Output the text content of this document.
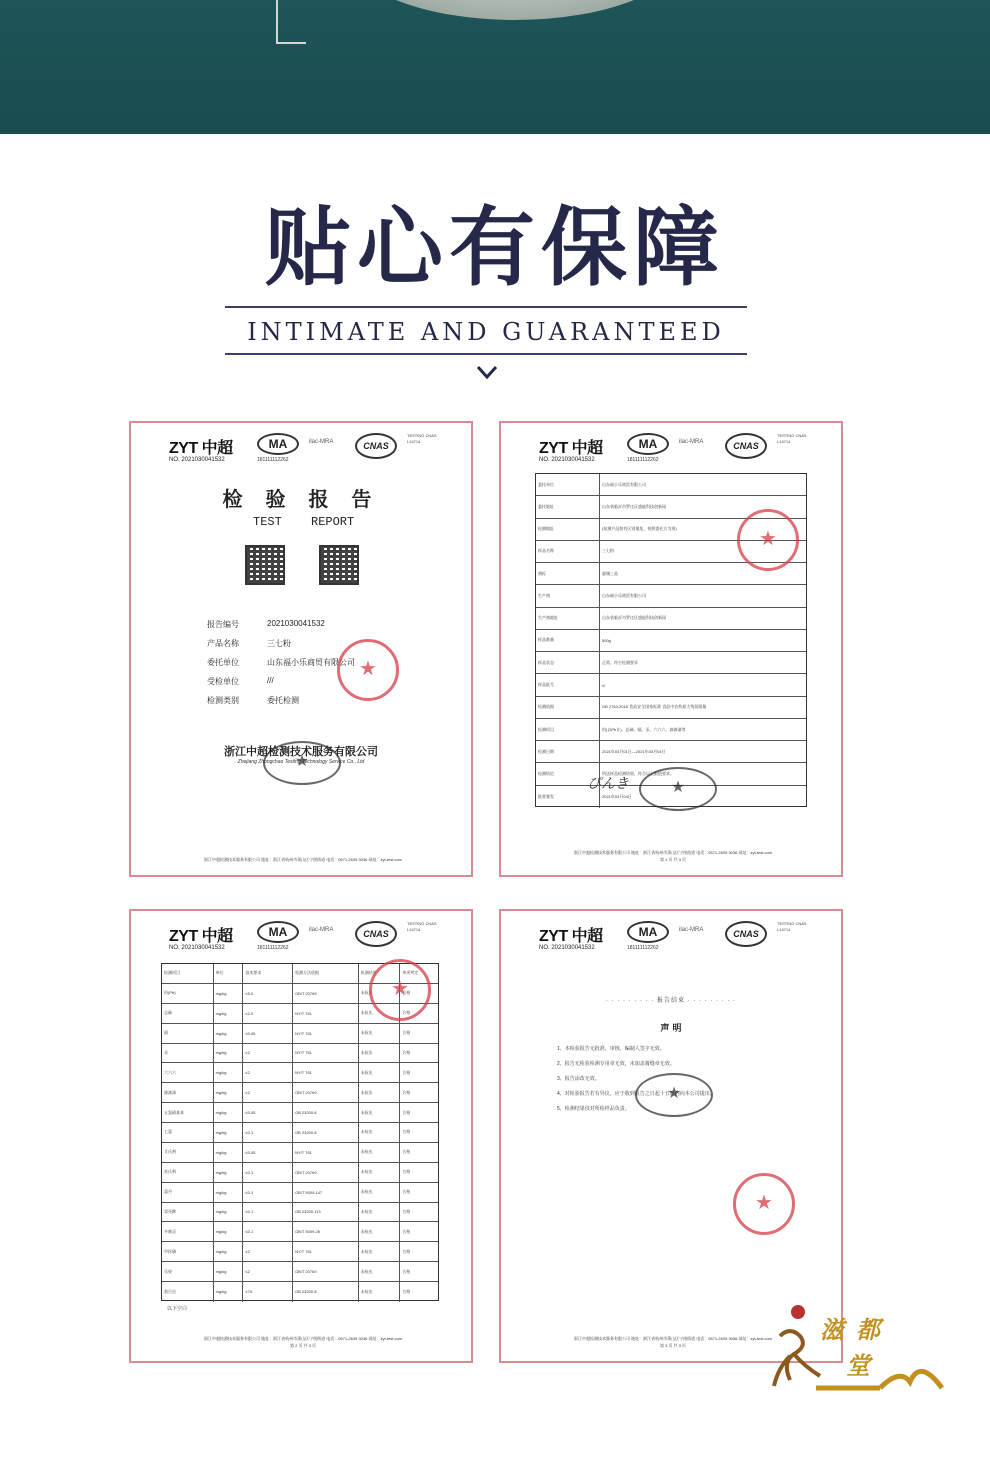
贴心有保障
INTIMATE AND GUARANTEED
ZYT 中超
NO. 2021030041532
MA
181111112262
ilac-MRA	CNAS
TESTING CNAS L14714
检 验 报 告
TEST REPORT
报告编号	2021030041532
产品名称	三七粉
委托单位	山东福小乐商贸有限公司
受检单位	///
检测类别	委托检测
★
浙江中超检测技术服务有限公司
Zhejiang Zhongchao Testing Technology Service Co., Ltd
★
浙江中超检测技术服务有限公司 地址：浙江省杭州市萧山区宁围街道 电话：0571-2639 3036 网址：zyt-test.com
ZYT 中超
NO. 2021030041532
MA
181111112262
ilac-MRA	CNAS
TESTING CNAS L14714
委托单位	山东福小乐商贸有限公司
委托地址	山东省临沂市罗庄区盛能科技创新园
检测地址	(检测产品如有区别地址，按照委托方为准)
样品名称	三七粉
商标	霍城三品
生产商	山东福小乐商贸有限公司
生产商地址	山东省临沂市罗庄区盛能科技创新园
样品数量	500g
样品状态	正常，符合检测要求
样品批号	///
检测依据	GB 2763-2016 食品安全国家标准 食品中农药最大残留限量
检测项目	铅(以Pb计)、总砷、镉、汞、六六六、滴滴涕等
检测日期	2021年03月01日—2021年03月04日
检测结论	所送样品检测结果，符合以上限值要求。
批准签发	2021年03月04日
★
ぴんき
★
浙江中超检测技术服务有限公司 地址：浙江省杭州市萧山区宁围街道 电话：0571-2639 3036 网址：zyt-test.com
第 1 页 共 3 页
ZYT 中超
NO. 2021030041532
MA
181111112262
ilac-MRA	CNAS
TESTING CNAS L14714
检测项目	单位	技术要求	检测方法依据	检测结果	单项判定
铅(Pb)	mg/kg	≤5.0	GB/T 20769	未检出	合格
总砷	mg/kg	≤2.0	NY/T 761	未检出	合格
镉	mg/kg	≤0.05	NY/T 761	未检出	合格
汞	mg/kg	≤2	NY/T 761	未检出	合格
六六六	mg/kg	≤2	NY/T 761	未检出	合格
滴滴涕	mg/kg	≤2	GB/T 20769	未检出	合格
五氯硝基苯	mg/kg	≤0.05	GB 23200.8	未检出	合格
七氯	mg/kg	≤0.1	GB 23200.8	未检出	合格
艾氏剂	mg/kg	≤0.05	NY/T 761	未检出	合格
狄氏剂	mg/kg	≤0.1	GB/T 20769	未检出	合格
氯丹	mg/kg	≤0.1	GB/T 5009.147	未检出	合格
毒死蜱	mg/kg	≤0.1	GB 23200.113	未检出	合格
多菌灵	mg/kg	≤0.1	GB/T 5009.28	未检出	合格
甲拌磷	mg/kg	≤2	NY/T 761	未检出	合格
乐果	mg/kg	≤2	GB/T 20769	未检出	合格
敌百虫	mg/kg	≤70	GB 23200.8	未检出	合格
★
以下空白
浙江中超检测技术服务有限公司 地址：浙江省杭州市萧山区宁围街道 电话：0571-2639 3036 网址：zyt-test.com
第 2 页 共 3 页
ZYT 中超
NO. 2021030041532
MA
181111112262
ilac-MRA	CNAS
TESTING CNAS L14714
· · · · · · · · · 报告结束 · · · · · · · · ·
声 明
1、本检验报告无批准、审核、编制人签字无效。
2、报告无检验检测专用章无效，未加盖骑缝章无效。
3、报告涂改无效。
4、对检验报告若有异议，应于收到报告之日起十五日内向本公司提出。
5、检测结果仅对所检样品负责。
★
★
浙江中超检测技术服务有限公司 地址：浙江省杭州市萧山区宁围街道 电话：0571-2639 3036 网址：zyt-test.com
第 3 页 共 3 页
滋都
堂
